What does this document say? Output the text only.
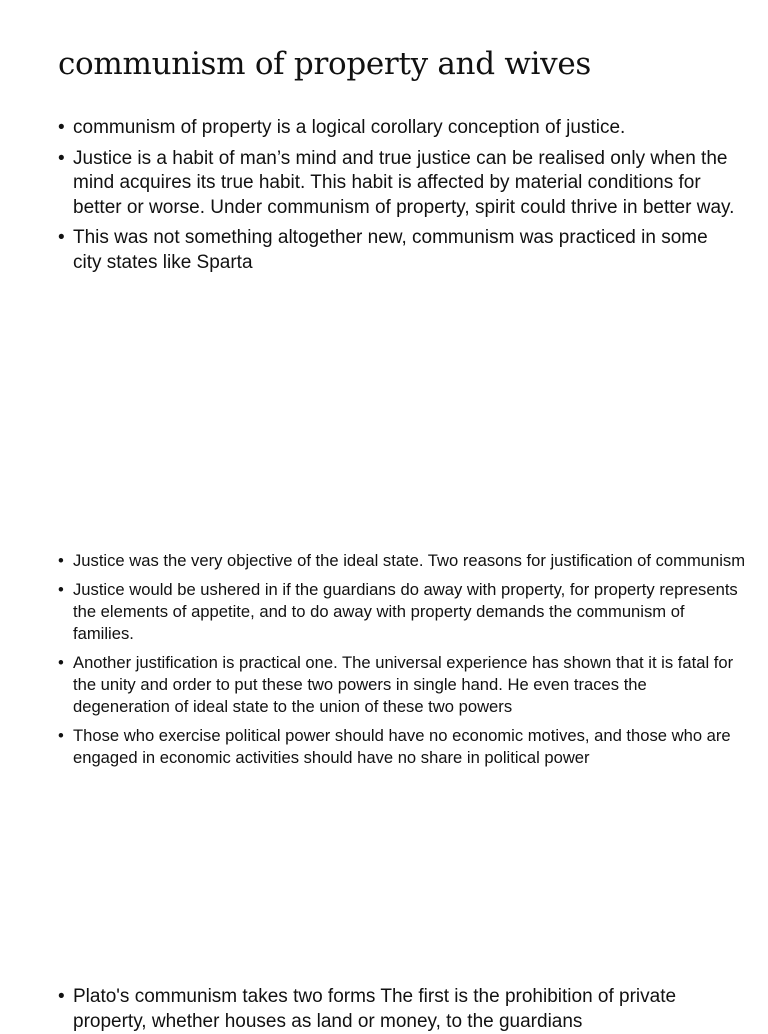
communism of property and wives
• communism of property is a logical corollary conception of justice.
• Justice is a habit of man’s mind and true justice can be realised only when the mind acquires its true habit. This habit is affected by material conditions for better or worse. Under communism of property, spirit could thrive in better way.
• This was not something altogether new, communism was practiced in some city states like Sparta
• Justice was the very objective of the ideal state. Two reasons for justification of communism
• Justice would be ushered in if the guardians do away with property, for property represents the elements of appetite, and to do away with property demands the communism of families.
• Another justification is practical one. The universal experience has shown that it is fatal for the unity and order to put these two powers in single hand. He even traces the degeneration of ideal state to the union of these two powers
• Those who exercise political power should have no economic motives, and those who are engaged in economic activities should have no share in political power
• Plato's communism takes two forms The first is the prohibition of private property, whether houses as land or money, to the guardians
